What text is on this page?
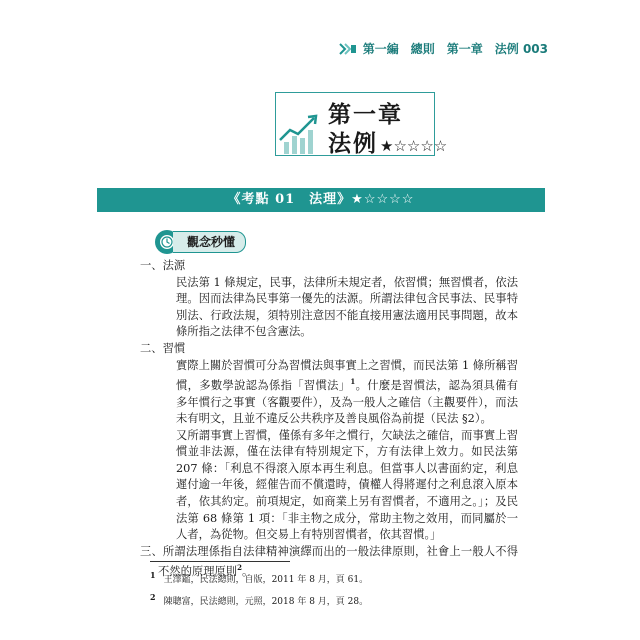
第一編　總則　第一章　法例 003
第一章
法例 ★☆☆☆☆
《考點 01　法理》★☆☆☆☆
觀念秒懂

一、法源

民法第 1 條規定，民事，法律所未規定者，依習慣；無習慣者，依法理。因而法律為民事第一優先的法源。所謂法律包含民事法、民事特別法、行政法規，須特別注意因不能直接用憲法適用民事問題，故本條所指之法律不包含憲法。

二、習慣

實際上關於習慣可分為習慣法與事實上之習慣，而民法第 1 條所稱習慣，多數學說認為係指「習慣法」$^1$。什麼是習慣法，認為須具備有多年慣行之事實（客觀要件），及為一般人之確信（主觀要件），而法未有明文，且並不違反公共秩序及善良風俗為前提（民法 §2）。

又所謂事實上習慣，僅係有多年之慣行，欠缺法之確信，而事實上習慣並非法源，僅在法律有特別規定下，方有法律上效力。如民法第 207 條：「利息不得滾入原本再生利息。但當事人以書面約定，利息遲付逾一年後，經催告而不償還時，債權人得將遲付之利息滾入原本者，依其約定。前項規定，如商業上另有習慣者，不適用之。」；及民法第 68 條第 1 項：「非主物之成分，常助主物之效用，而同屬於一人者，為從物。但交易上有特別習慣者，依其習慣。」

三、所謂法理係指自法律精神演繹而出的一般法律原則，社會上一般人不得不然的原理原則$^2$。

1 王澤鑑，民法總則，自版，2011 年 8 月，頁 61。
2 陳聰富，民法總則，元照，2018 年 8 月，頁 28。
